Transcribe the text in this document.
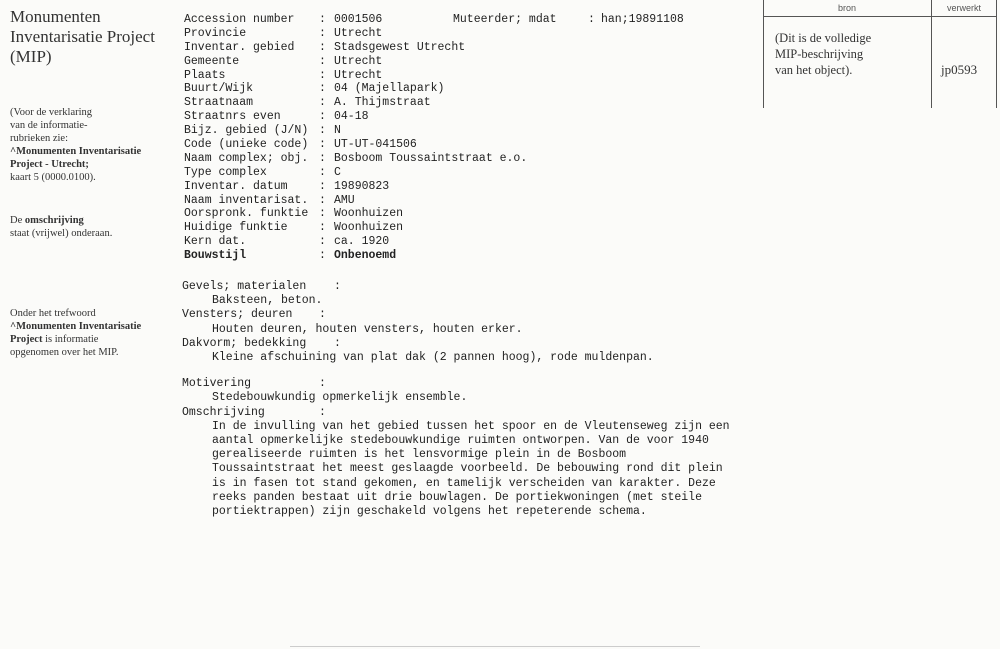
Monumenten Inventarisatie Project (MIP)
(Voor de verklaring
van de informatie-
rubrieken zie:
^Monumenten Inventarisatie
Project - Utrecht;
kaart 5 (0000.0100).
De omschrijving
staat (vrijwel) onderaan.
Onder het trefwoord
^Monumenten Inventarisatie
Project is informatie
opgenomen over het MIP.
Accession number : 0001506
Provincie	: Utrecht
Inventar. gebied : Stadsgewest Utrecht
Gemeente	: Utrecht
Plaats	: Utrecht
Buurt/Wijk	: 04 (Majellapark)
Straatnaam	: A. Thijmstraat
Straatnrs even	: 04-18
Bijz. gebied (J/N) : N
Code (unieke code) : UT-UT-041506
Naam complex; obj. : Bosboom Toussaintstraat e.o.
Type complex	: C
Inventar. datum	: 19890823
Naam inventarisat. : AMU
Oorspronk. funktie : Woonhuizen
Huidige funktie	: Woonhuizen
Kern dat.	: ca. 1920
Bouwstijl	: Onbenoemd
Muteerder; mdat	: han;19891108
Gevels; materialen :
Baksteen, beton.
Vensters; deuren :
Houten deuren, houten vensters, houten erker.
Dakvorm; bedekking :
Kleine afschuining van plat dak (2 pannen hoog), rode muldenpan.
Motivering	:
Stedebouwkundig opmerkelijk ensemble.
Omschrijving	:
In de invulling van het gebied tussen het spoor en de Vleutenseweg zijn een
aantal opmerkelijke stedebouwkundige ruimten ontworpen. Van de voor 1940
gerealiseerde ruimten is het lensvormige plein in de Bosboom
Toussaintstraat het meest geslaagde voorbeeld. De bebouwing rond dit plein
is in fasen tot stand gekomen, en tamelijk verscheiden van karakter. Deze
reeks panden bestaat uit drie bouwlagen. De portiekwoningen (met steile
portiektrappen) zijn geschakeld volgens het repeterende schema.
bron	verwerkt
(Dit is de volledige
MIP-beschrijving
van het object).	jp0593
